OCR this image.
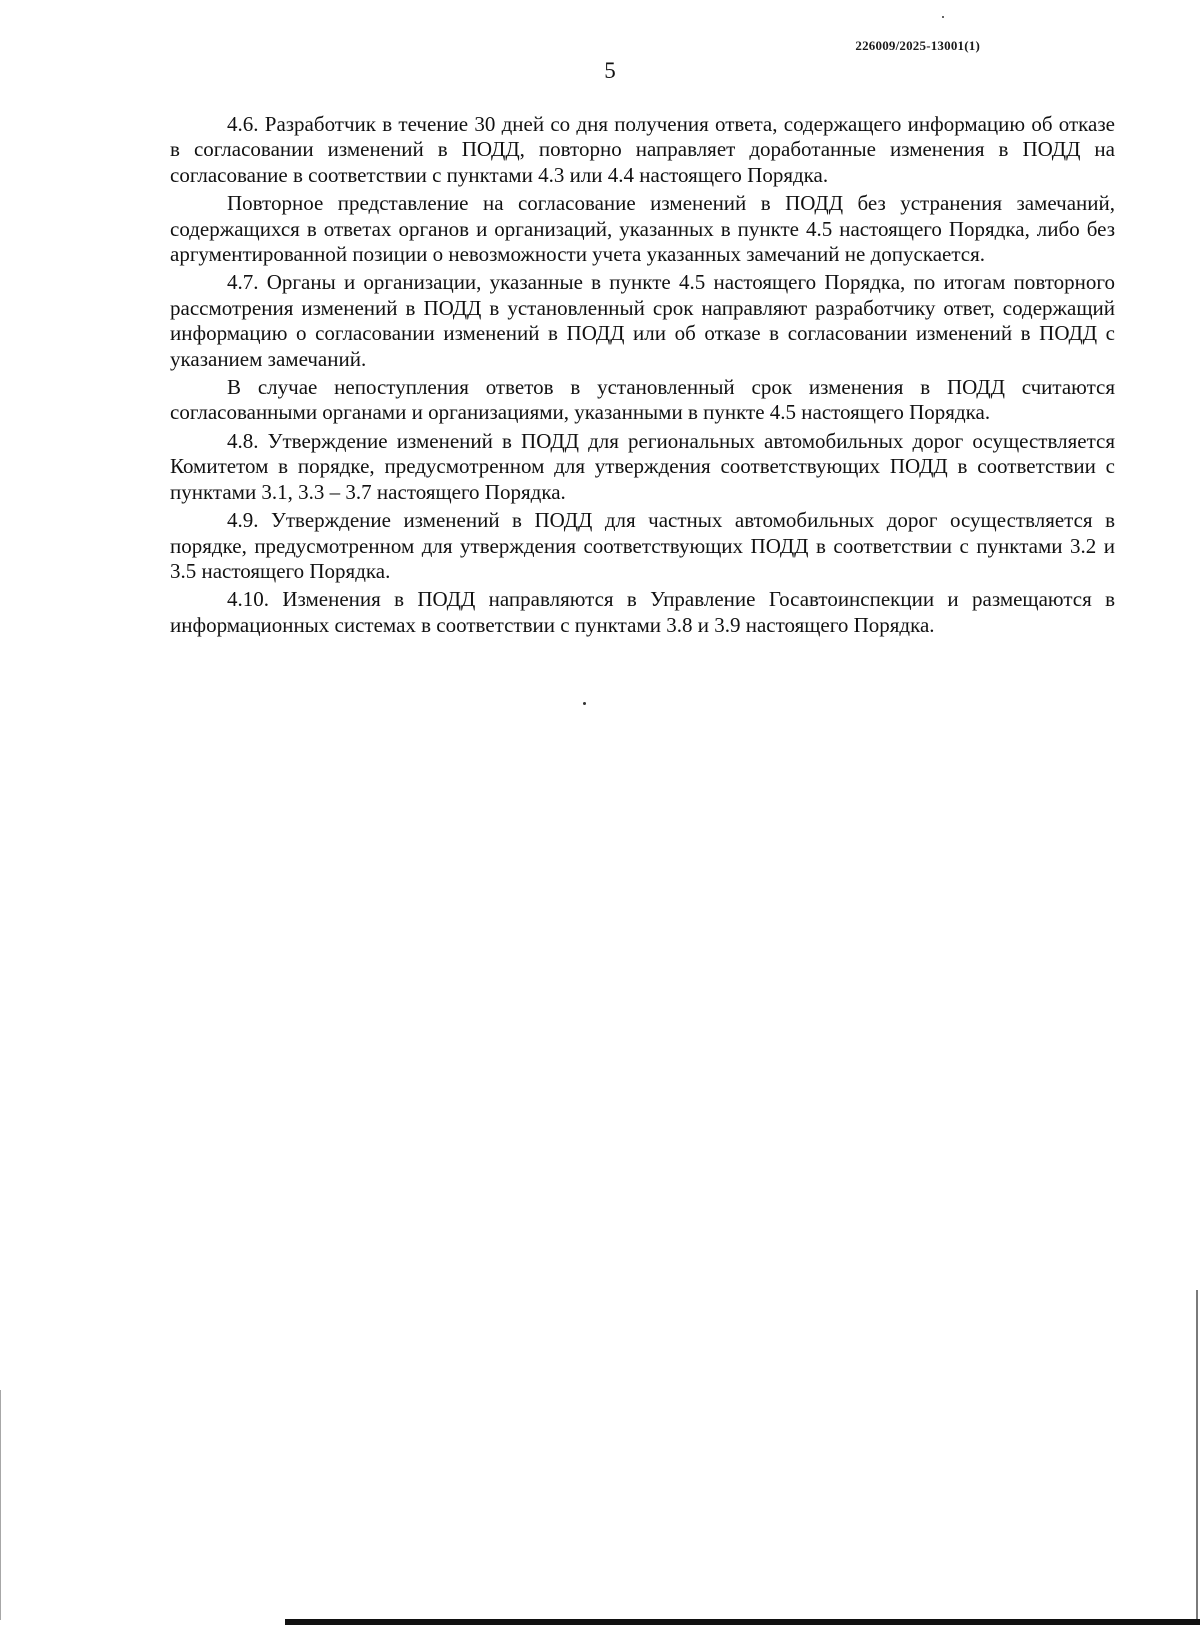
226009/2025-13001(1)
5

4.6. Разработчик в течение 30 дней со дня получения ответа, содержащего информацию об отказе в согласовании изменений в ПОДД, повторно направляет доработанные изменения в ПОДД на согласование в соответствии с пунктами 4.3 или 4.4 настоящего Порядка.

Повторное представление на согласование изменений в ПОДД без устранения замечаний, содержащихся в ответах органов и организаций, указанных в пункте 4.5 настоящего Порядка, либо без аргументированной позиции о невозможности учета указанных замечаний не допускается.

4.7. Органы и организации, указанные в пункте 4.5 настоящего Порядка, по итогам повторного рассмотрения изменений в ПОДД в установленный срок направляют разработчику ответ, содержащий информацию о согласовании изменений в ПОДД или об отказе в согласовании изменений в ПОДД с указанием замечаний.

В случае непоступления ответов в установленный срок изменения в ПОДД считаются согласованными органами и организациями, указанными в пункте 4.5 настоящего Порядка.

4.8. Утверждение изменений в ПОДД для региональных автомобильных дорог осуществляется Комитетом в порядке, предусмотренном для утверждения соответствующих ПОДД в соответствии с пунктами 3.1, 3.3 – 3.7 настоящего Порядка.

4.9. Утверждение изменений в ПОДД для частных автомобильных дорог осуществляется в порядке, предусмотренном для утверждения соответствующих ПОДД в соответствии с пунктами 3.2 и 3.5 настоящего Порядка.

4.10. Изменения в ПОДД направляются в Управление Госавтоинспекции и размещаются в информационных системах в соответствии с пунктами 3.8 и 3.9 настоящего Порядка.
